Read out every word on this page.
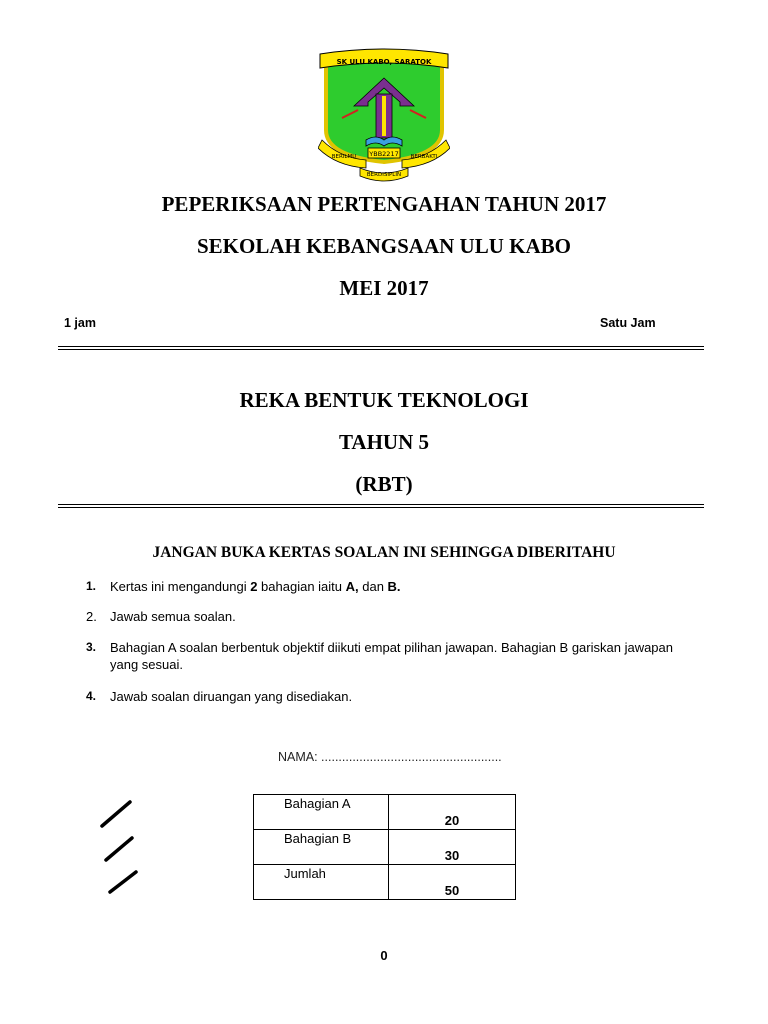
SK ULU KABO, SARATOK
YBB2217
BERILMU	BERBAKTI
BERDISIPLIN
PEPERIKSAAN PERTENGAHAN TAHUN 2017
SEKOLAH KEBANGSAAN ULU KABO
MEI 2017
1 jam	Satu Jam
REKA BENTUK TEKNOLOGI
TAHUN 5
(RBT)
JANGAN BUKA KERTAS SOALAN INI SEHINGGA DIBERITAHU
1.	Kertas ini mengandungi 2 bahagian iaitu A, dan B.
2.	Jawab semua soalan.
3.	Bahagian A soalan berbentuk objektif diikuti empat pilihan jawapan. Bahagian B gariskan jawapan yang sesuai.
4.	Jawab soalan diruangan yang disediakan.
NAMA: ....................................................
Bahagian A	20
Bahagian B	30
Jumlah	50
0
